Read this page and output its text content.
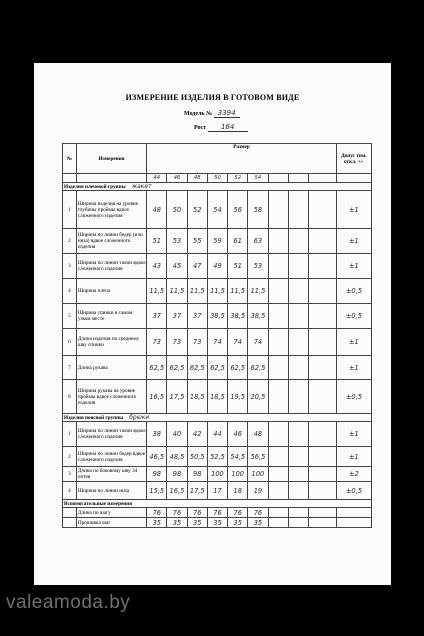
ИЗМЕРЕНИЕ ИЗДЕЛИЯ В ГОТОВОМ ВИДЕ
Модель № 3394
Рост 164
№	Измерения	Размер									Допус тим. откл. +/-
		44	46	48	50	52	54				
Изделия плечевой группы жакет											
1	Ширина изделия на уровне глубины проймы вдвое сложенного изделия	48	50	52	54	56	58				±1
2	Ширина по линии бедер (или низа) вдвое сложенного изделия	51	53	55	59	61	63				±1
3	Ширина по линии талии вдвое сложенного изделия	43	45	47	49	51	53				±1
4	Ширина плеча	11,5	11,5	11,5	11,5	11,5	11,5				±0,5
5	Ширина спинки в самом узком месте	37	37	37	38,5	38,5	38,5				±0,5
6	Длина изделия по среднему шву спинки	73	73	73	74	74	74				±1
7	Длина рукава	62,5	62,5	62,5	62,5	62,5	62,5				±1
8	Ширина рукава на уровне проймы вдвое сложенного изделия	16,5	17,5	18,5	18,5	19,5	20,5				±0,5
Изделия поясной группы брюки											
1	Ширина по линии талии вдвое сложенного изделия	38	40	42	44	46	48				±1
2	Ширина по линии бедер вдвое сложенного изделия	46,5	48,5	50,5	52,5	54,5	56,5				±1
3	Длина по боковому шву 34 оптев	98	98	98	100	100	100				±2
4	Ширина по линии низа	15,5	16,5	17,5	17	18	19				±0,5
Вспомогательные измерения											
	Длина по шагу	76	76	76	76	76	76				
	Прошивка шаг	35	35	35	35	35	35				
valeamoda.by
